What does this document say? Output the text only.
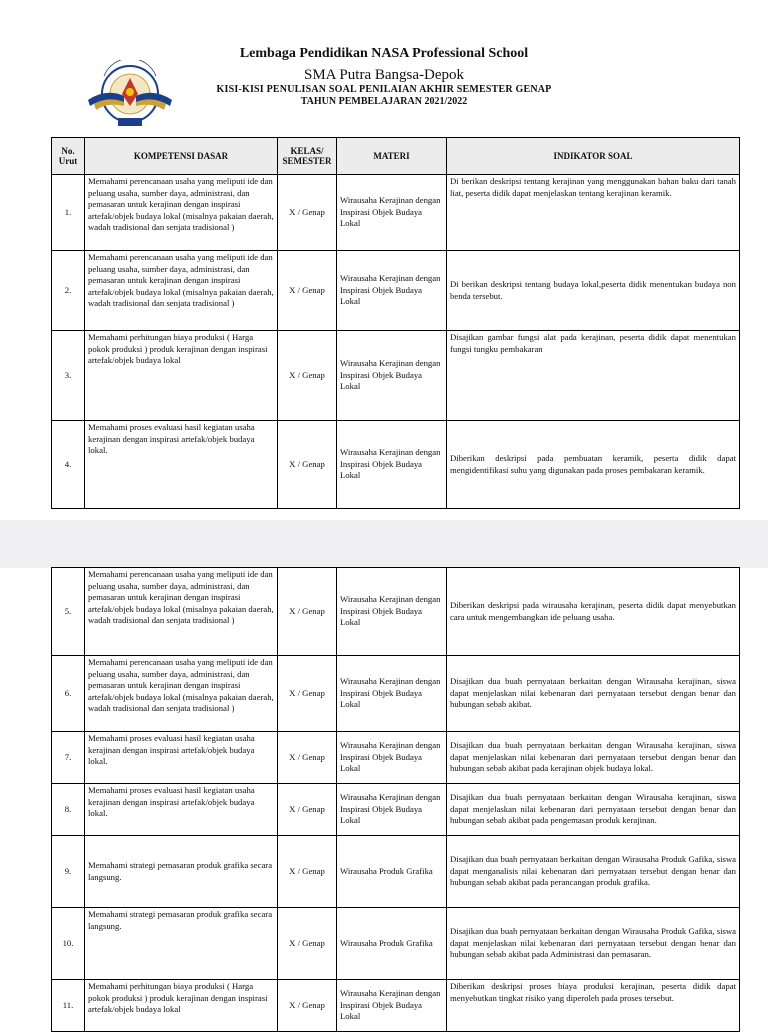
Lembaga Pendidikan NASA Professional School
SMA Putra Bangsa-Depok
KISI-KISI PENULISAN SOAL PENILAIAN AKHIR SEMESTER GENAP
TAHUN PEMBELAJARAN 2021/2022
No. Urut	KOMPETENSI DASAR	KELAS/ SEMESTER	MATERI	INDIKATOR SOAL
1.	Memahami perencanaan usaha yang meliputi ide dan peluang usaha, sumber daya, administrasi, dan pemasaran untuk kerajinan dengan inspirasi artefak/objek budaya lokal (misalnya pakaian daerah, wadah tradisional dan senjata tradisional )	X / Genap	Wirausaha Kerajinan dengan Inspirasi Objek Budaya Lokal	Di berikan deskripsi tentang kerajinan yang menggunakan bahan baku dari tanah liat, peserta didik dapat menjelaskan tentang kerajinan keramik.
2.	Memahami perencanaan usaha yang meliputi ide dan peluang usaha, sumber daya, administrasi, dan pemasaran untuk kerajinan dengan inspirasi artefak/objek budaya lokal (misalnya pakaian daerah, wadah tradisional dan senjata tradisional )	X / Genap	Wirausaha Kerajinan dengan Inspirasi Objek Budaya Lokal	Di berikan deskripsi tentang budaya lokal,peserta didik menentukan budaya non benda tersebut.
3.	Memahami perhitungan biaya produksi ( Harga pokok produksi ) produk kerajinan dengan inspirasi artefak/objek budaya lokal	X / Genap	Wirausaha Kerajinan dengan Inspirasi Objek Budaya Lokal	Disajikan gambar fungsi alat pada kerajinan, peserta didik dapat menentukan fungsi tungku pembakaran
4.	Memahami proses evaluasi hasil kegiatan usaha kerajinan dengan inspirasi artefak/objek budaya lokal.	X / Genap	Wirausaha Kerajinan dengan Inspirasi Objek Budaya Lokal	Diberikan deskripsi pada pembuatan keramik, peserta didik dapat mengidentifikasi suhu yang digunakan pada proses pembakaran keramik.
5.	Memahami perencanaan usaha yang meliputi ide dan peluang usaha, sumber daya, administrasi, dan pemasaran untuk kerajinan dengan inspirasi artefak/objek budaya lokal (misalnya pakaian daerah, wadah tradisional dan senjata tradisional )	X / Genap	Wirausaha Kerajinan dengan Inspirasi Objek Budaya Lokal	Diberikan deskripsi pada wirausaha kerajinan, peserta didik dapat menyebutkan cara untuk mengembangkan ide peluang usaha.
6.	Memahami perencanaan usaha yang meliputi ide dan peluang usaha, sumber daya, administrasi, dan pemasaran untuk kerajinan dengan inspirasi artefak/objek budaya lokal (misalnya pakaian daerah, wadah tradisional dan senjata tradisional )	X / Genap	Wirausaha Kerajinan dengan Inspirasi Objek Budaya Lokal	Disajikan dua buah pernyataan berkaitan dengan Wirausaha kerajinan, siswa dapat menjelaskan nilai kebenaran dari pernyataan tersebut dengan benar dan hubungan sebab akibat.
7.	Memahami proses evaluasi hasil kegiatan usaha kerajinan dengan inspirasi artefak/objek budaya lokal.	X / Genap	Wirausaha Kerajinan dengan Inspirasi Objek Budaya Lokal	Disajikan dua buah pernyataan berkaitan dengan Wirausaha kerajinan, siswa dapat menjelaskan nilai kebenaran dari pernyataan tersebut dengan benar dan hubungan sebab akibat pada kerajinan objek budaya lokal.
8.	Memahami proses evaluasi hasil kegiatan usaha kerajinan dengan inspirasi artefak/objek budaya lokal.	X / Genap	Wirausaha Kerajinan dengan Inspirasi Objek Budaya Lokal	Disajikan dua buah pernyataan berkaitan dengan Wirausaha kerajinan, siswa dapat menjelaskan nilai kebenaran dari pernyataan tersebut dengan benar dan hubungan sebab akibat pada pengemasan produk kerajinan.
9.	Memahami strategi pemasaran produk grafika secara langsung.	X / Genap	Wirausaha Produk Grafika	Disajikan dua buah pernyataan berkaitan dengan Wirausaha Produk Gafika, siswa dapat menganalisis nilai kebenaran dari pernyataan tersebut dengan benar dan hubungan sebab akibat pada perancangan produk grafika.
10.	Memahami strategi pemasaran produk grafika secara langsung.	X / Genap	Wirausaha Produk Grafika	Disajikan dua buah pernyataan berkaitan dengan Wirausaha Produk Gafika, siswa dapat menjelaskan nilai kebenaran dari pernyataan tersebut dengan benar dan hubungan sebab akibat pada Administrasi dan pemasaran.
11.	Memahami perhitungan biaya produksi ( Harga pokok produksi ) produk kerajinan dengan inspirasi artefak/objek budaya lokal	X / Genap	Wirausaha Kerajinan dengan Inspirasi Objek Budaya Lokal	Diberikan deskripsi proses biaya produksi kerajinan, peserta didik dapat menyebutkan tingkat risiko yang diperoleh pada proses tersebut.
